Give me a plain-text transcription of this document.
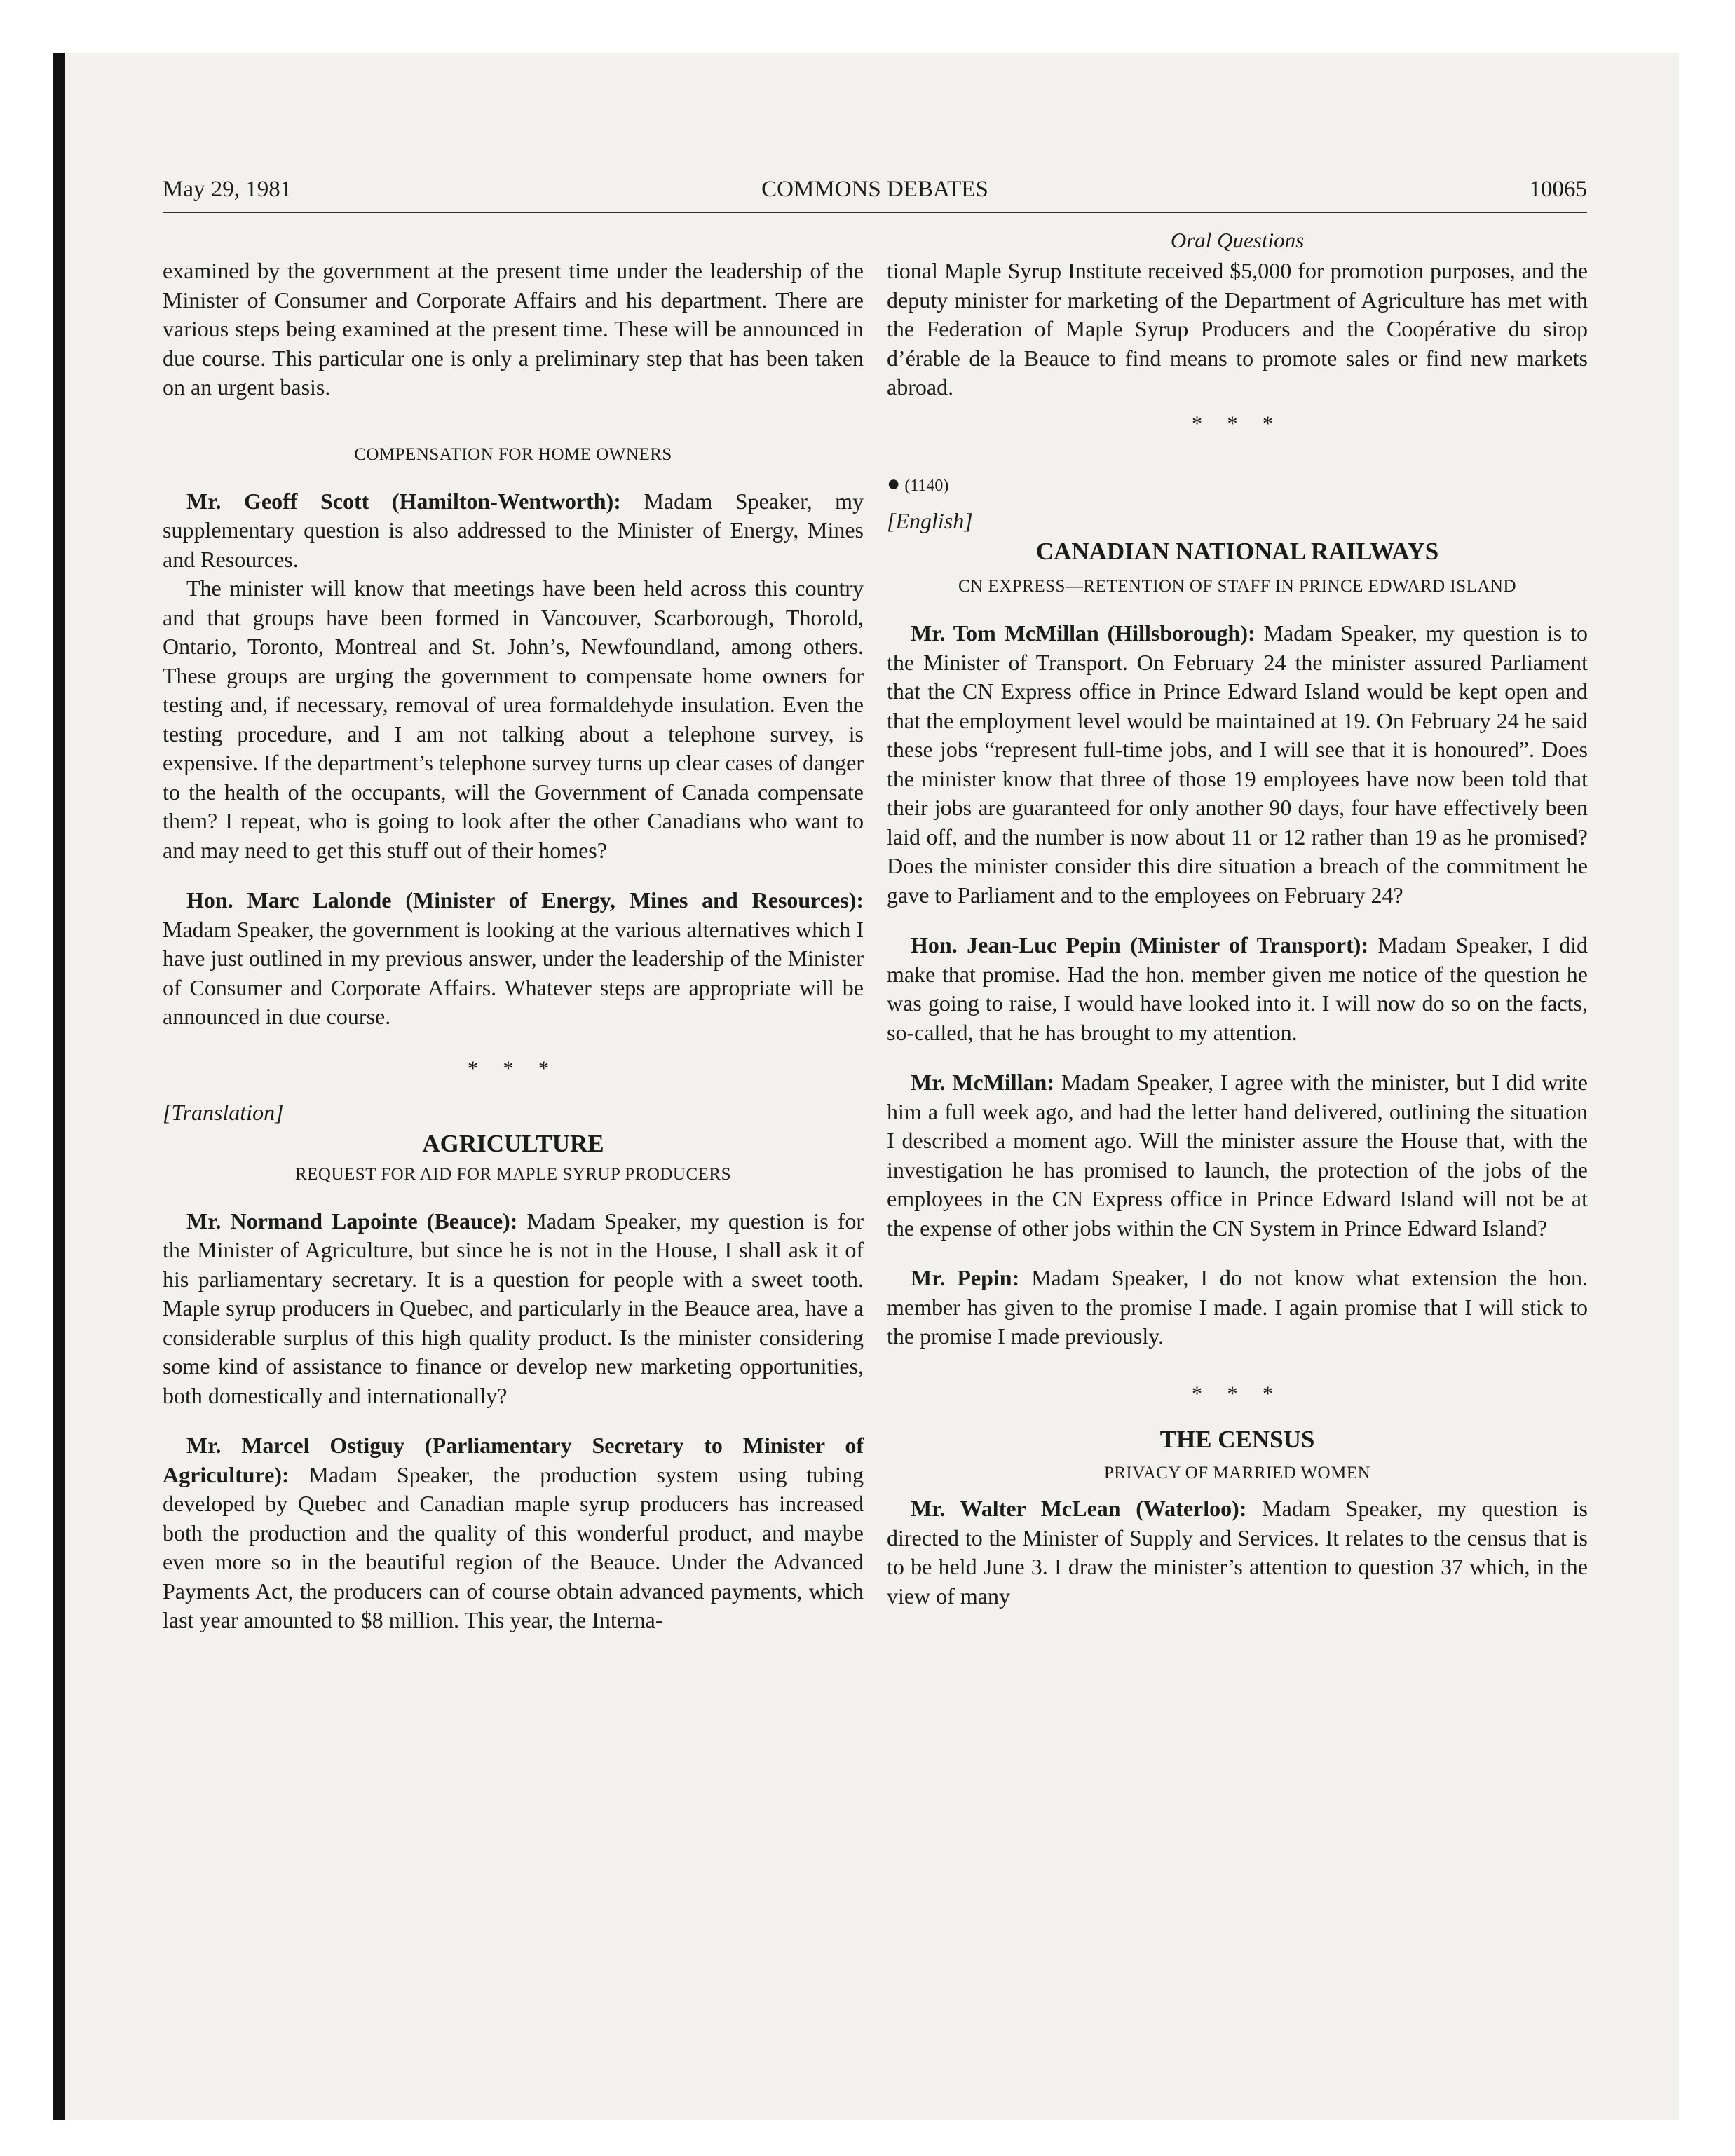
May 29, 1981	COMMONS DEBATES	10065

examined by the government at the present time under the leadership of the Minister of Consumer and Corporate Affairs and his department. There are various steps being examined at the present time. These will be announced in due course. This particular one is only a preliminary step that has been taken on an urgent basis.

COMPENSATION FOR HOME OWNERS

Mr. Geoff Scott (Hamilton-Wentworth): Madam Speaker, my supplementary question is also addressed to the Minister of Energy, Mines and Resources.

The minister will know that meetings have been held across this country and that groups have been formed in Vancouver, Scarborough, Thorold, Ontario, Toronto, Montreal and St. John’s, Newfoundland, among others. These groups are urging the government to compensate home owners for testing and, if necessary, removal of urea formaldehyde insulation. Even the testing procedure, and I am not talking about a telephone survey, is expensive. If the department’s telephone survey turns up clear cases of danger to the health of the occupants, will the Government of Canada compensate them? I repeat, who is going to look after the other Canadians who want to and may need to get this stuff out of their homes?

Hon. Marc Lalonde (Minister of Energy, Mines and Resources): Madam Speaker, the government is looking at the various alternatives which I have just outlined in my previous answer, under the leadership of the Minister of Consumer and Corporate Affairs. Whatever steps are appropriate will be announced in due course.

* * *
[Translation]
AGRICULTURE
REQUEST FOR AID FOR MAPLE SYRUP PRODUCERS

Mr. Normand Lapointe (Beauce): Madam Speaker, my question is for the Minister of Agriculture, but since he is not in the House, I shall ask it of his parliamentary secretary. It is a question for people with a sweet tooth. Maple syrup producers in Quebec, and particularly in the Beauce area, have a considerable surplus of this high quality product. Is the minister considering some kind of assistance to finance or develop new marketing opportunities, both domestically and internationally?

Mr. Marcel Ostiguy (Parliamentary Secretary to Minister of Agriculture): Madam Speaker, the production system using tubing developed by Quebec and Canadian maple syrup producers has increased both the production and the quality of this wonderful product, and maybe even more so in the beautiful region of the Beauce. Under the Advanced Payments Act, the producers can of course obtain advanced payments, which last year amounted to $8 million. This year, the Interna-

Oral Questions

tional Maple Syrup Institute received $5,000 for promotion purposes, and the deputy minister for marketing of the Department of Agriculture has met with the Federation of Maple Syrup Producers and the Coopérative du sirop d’érable de la Beauce to find means to promote sales or find new markets abroad.

* * *
● (1140)
[English]
CANADIAN NATIONAL RAILWAYS
CN EXPRESS—RETENTION OF STAFF IN PRINCE EDWARD ISLAND

Mr. Tom McMillan (Hillsborough): Madam Speaker, my question is to the Minister of Transport. On February 24 the minister assured Parliament that the CN Express office in Prince Edward Island would be kept open and that the employment level would be maintained at 19. On February 24 he said these jobs “represent full-time jobs, and I will see that it is honoured”. Does the minister know that three of those 19 employees have now been told that their jobs are guaranteed for only another 90 days, four have effectively been laid off, and the number is now about 11 or 12 rather than 19 as he promised? Does the minister consider this dire situation a breach of the commitment he gave to Parliament and to the employees on February 24?

Hon. Jean-Luc Pepin (Minister of Transport): Madam Speaker, I did make that promise. Had the hon. member given me notice of the question he was going to raise, I would have looked into it. I will now do so on the facts, so-called, that he has brought to my attention.

Mr. McMillan: Madam Speaker, I agree with the minister, but I did write him a full week ago, and had the letter hand delivered, outlining the situation I described a moment ago. Will the minister assure the House that, with the investigation he has promised to launch, the protection of the jobs of the employees in the CN Express office in Prince Edward Island will not be at the expense of other jobs within the CN System in Prince Edward Island?

Mr. Pepin: Madam Speaker, I do not know what extension the hon. member has given to the promise I made. I again promise that I will stick to the promise I made previously.

* * *
THE CENSUS
PRIVACY OF MARRIED WOMEN

Mr. Walter McLean (Waterloo): Madam Speaker, my question is directed to the Minister of Supply and Services. It relates to the census that is to be held June 3. I draw the minister’s attention to question 37 which, in the view of many
